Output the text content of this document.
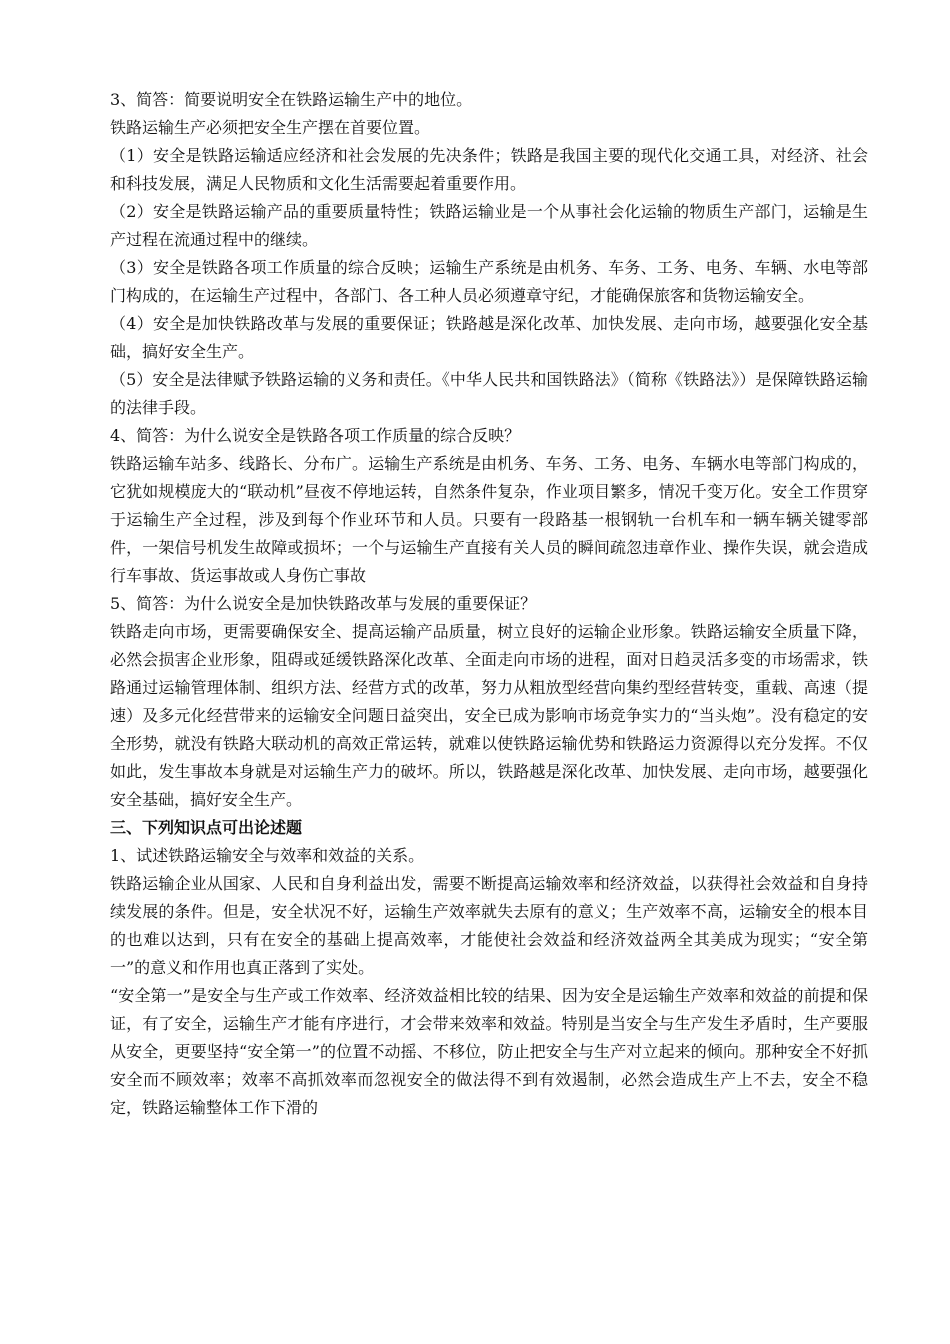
3、简答：简要说明安全在铁路运输生产中的地位。

铁路运输生产必须把安全生产摆在首要位置。

（1）安全是铁路运输适应经济和社会发展的先决条件；铁路是我国主要的现代化交通工具，对经济、社会和科技发展，满足人民物质和文化生活需要起着重要作用。

（2）安全是铁路运输产品的重要质量特性；铁路运输业是一个从事社会化运输的物质生产部门，运输是生产过程在流通过程中的继续。

（3）安全是铁路各项工作质量的综合反映；运输生产系统是由机务、车务、工务、电务、车辆、水电等部门构成的，在运输生产过程中，各部门、各工种人员必须遵章守纪，才能确保旅客和货物运输安全。

（4）安全是加快铁路改革与发展的重要保证；铁路越是深化改革、加快发展、走向市场，越要强化安全基础，搞好安全生产。

（5）安全是法律赋予铁路运输的义务和责任。《中华人民共和国铁路法》（简称《铁路法》）是保障铁路运输的法律手段。

4、简答：为什么说安全是铁路各项工作质量的综合反映？

铁路运输车站多、线路长、分布广。运输生产系统是由机务、车务、工务、电务、车辆水电等部门构成的，它犹如规模庞大的“联动机”昼夜不停地运转，自然条件复杂，作业项目繁多，情况千变万化。安全工作贯穿于运输生产全过程，涉及到每个作业环节和人员。只要有一段路基一根钢轨一台机车和一辆车辆关键零部件，一架信号机发生故障或损坏；一个与运输生产直接有关人员的瞬间疏忽违章作业、操作失误，就会造成行车事故、货运事故或人身伤亡事故

5、简答：为什么说安全是加快铁路改革与发展的重要保证？

铁路走向市场，更需要确保安全、提高运输产品质量，树立良好的运输企业形象。铁路运输安全质量下降，必然会损害企业形象，阻碍或延缓铁路深化改革、全面走向市场的进程，面对日趋灵活多变的市场需求，铁路通过运输管理体制、组织方法、经营方式的改革，努力从粗放型经营向集约型经营转变，重载、高速（提速）及多元化经营带来的运输安全问题日益突出，安全已成为影响市场竞争实力的“当头炮”。没有稳定的安全形势，就没有铁路大联动机的高效正常运转，就难以使铁路运输优势和铁路运力资源得以充分发挥。不仅如此，发生事故本身就是对运输生产力的破坏。所以，铁路越是深化改革、加快发展、走向市场，越要强化安全基础，搞好安全生产。

三、下列知识点可出论述题

1、试述铁路运输安全与效率和效益的关系。

铁路运输企业从国家、人民和自身利益出发，需要不断提高运输效率和经济效益，以获得社会效益和自身持续发展的条件。但是，安全状况不好，运输生产效率就失去原有的意义；生产效率不高，运输安全的根本目的也难以达到，只有在安全的基础上提高效率，才能使社会效益和经济效益两全其美成为现实；“安全第一”的意义和作用也真正落到了实处。

“安全第一”是安全与生产或工作效率、经济效益相比较的结果、因为安全是运输生产效率和效益的前提和保证，有了安全，运输生产才能有序进行，才会带来效率和效益。特别是当安全与生产发生矛盾时，生产要服从安全，更要坚持“安全第一”的位置不动摇、不移位，防止把安全与生产对立起来的倾向。那种安全不好抓安全而不顾效率；效率不高抓效率而忽视安全的做法得不到有效遏制，必然会造成生产上不去，安全不稳定，铁路运输整体工作下滑的
